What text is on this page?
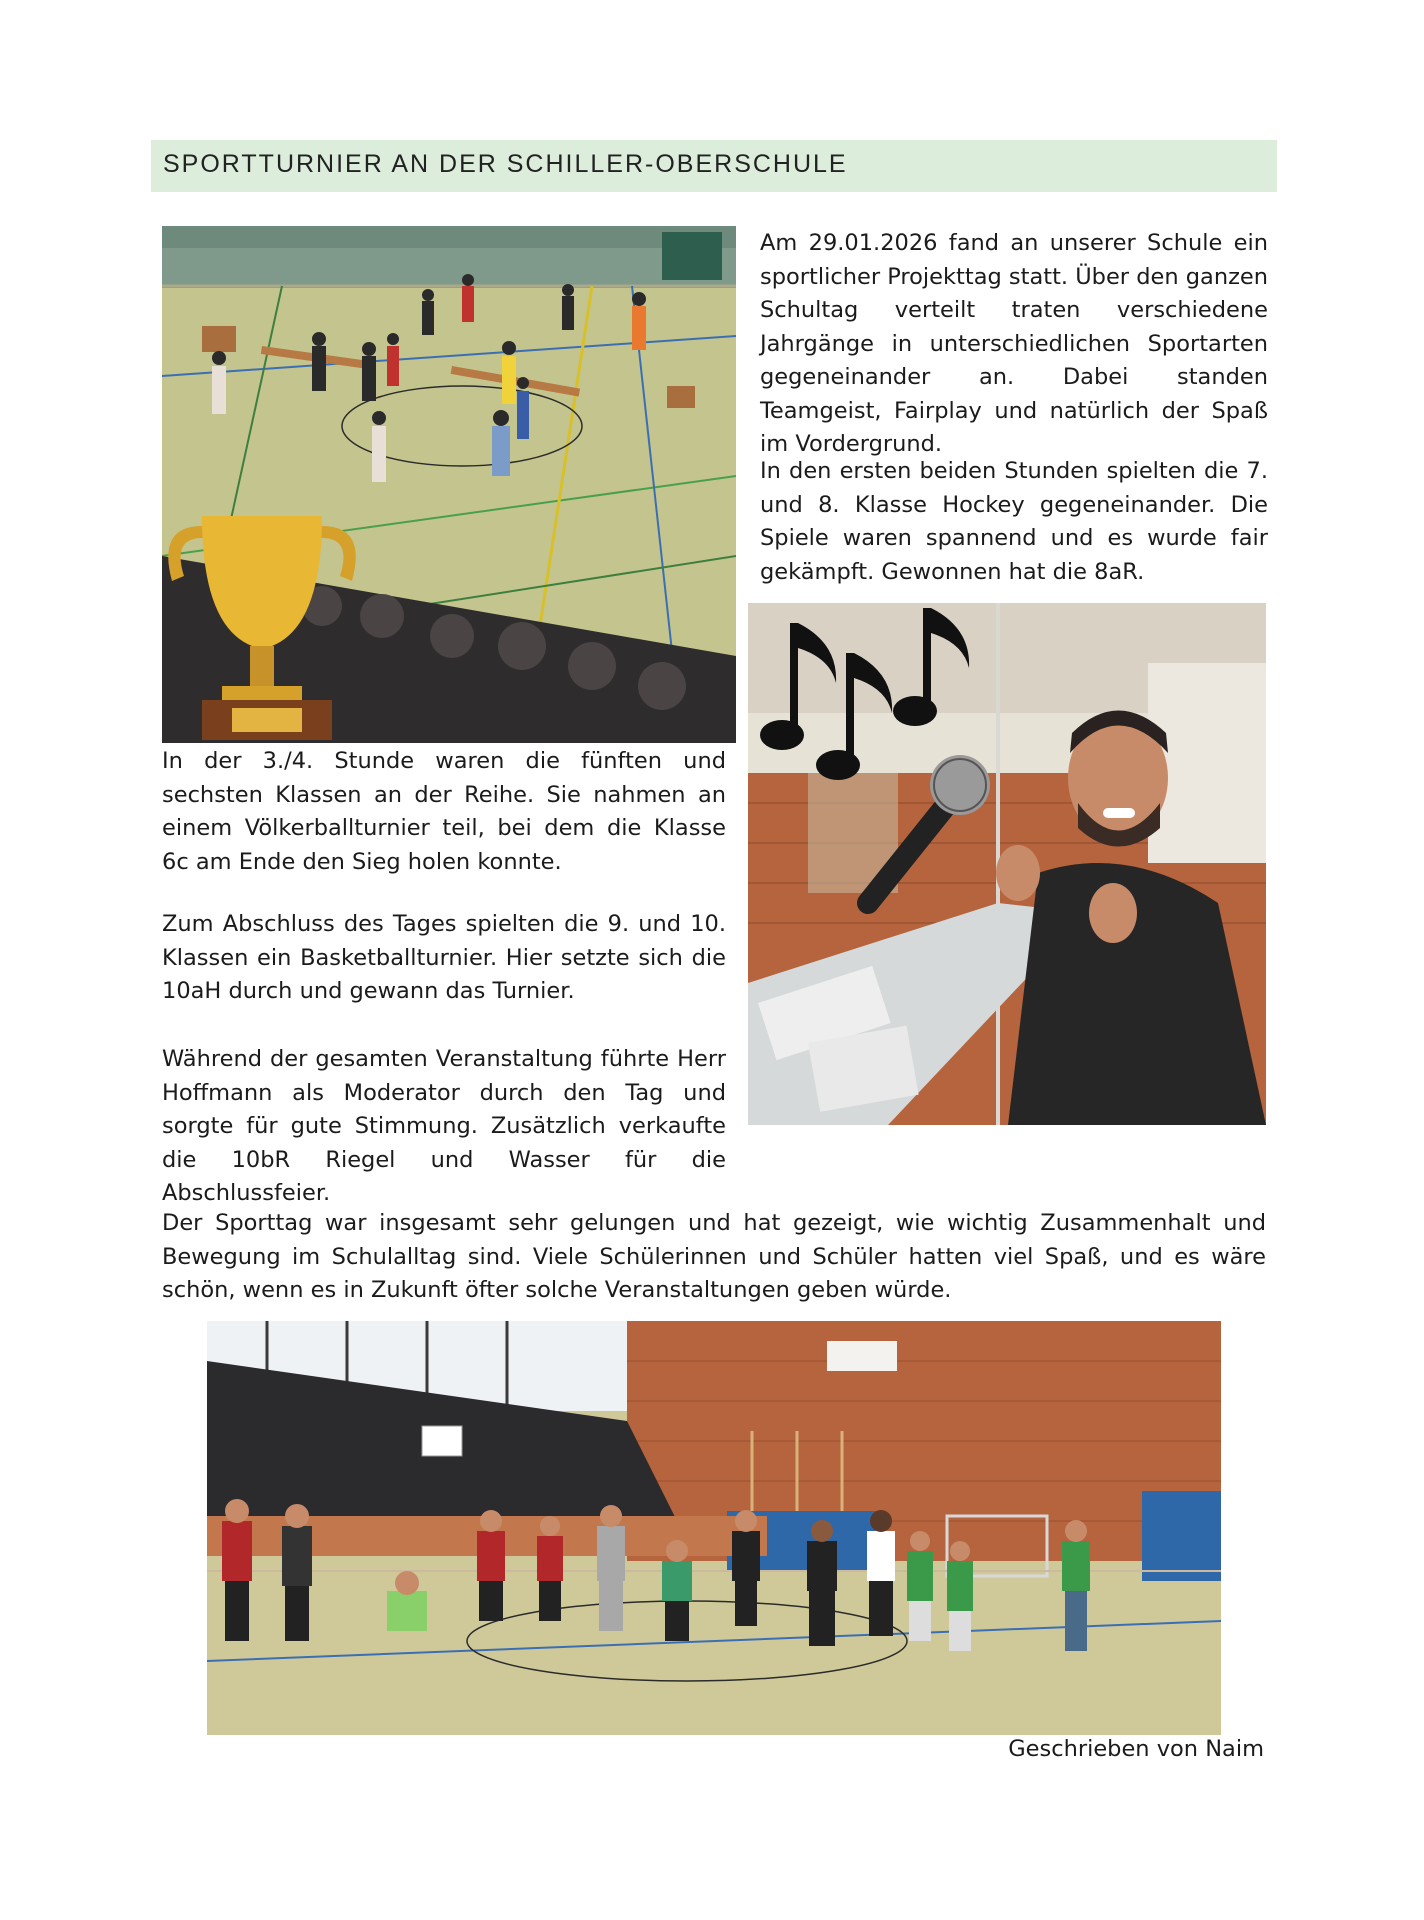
SPORTTURNIER AN DER SCHILLER-OBERSCHULE

Am 29.01.2026 fand an unserer Schule ein sportlicher Projekttag statt. Über den ganzen Schultag verteilt traten verschiedene Jahrgänge in unterschiedlichen Sportarten gegeneinander an. Dabei standen Teamgeist, Fairplay und natürlich der Spaß im Vordergrund.

In den ersten beiden Stunden spielten die 7. und 8. Klasse Hockey gegeneinander. Die Spiele waren spannend und es wurde fair gekämpft. Gewonnen hat die 8aR.

In der 3./4. Stunde waren die fünften und sechsten Klassen an der Reihe. Sie nahmen an einem Völkerballturnier teil, bei dem die Klasse 6c am Ende den Sieg holen konnte.

Zum Abschluss des Tages spielten die 9. und 10. Klassen ein Basketballturnier. Hier setzte sich die 10aH durch und gewann das Turnier.

Während der gesamten Veranstaltung führte Herr Hoffmann als Moderator durch den Tag und sorgte für gute Stimmung. Zusätzlich verkaufte die 10bR Riegel und Wasser für die Abschlussfeier.

Der Sporttag war insgesamt sehr gelungen und hat gezeigt, wie wichtig Zusammenhalt und Bewegung im Schulalltag sind. Viele Schülerinnen und Schüler hatten viel Spaß, und es wäre schön, wenn es in Zukunft öfter solche Veranstaltungen geben würde.

Geschrieben von Naim
